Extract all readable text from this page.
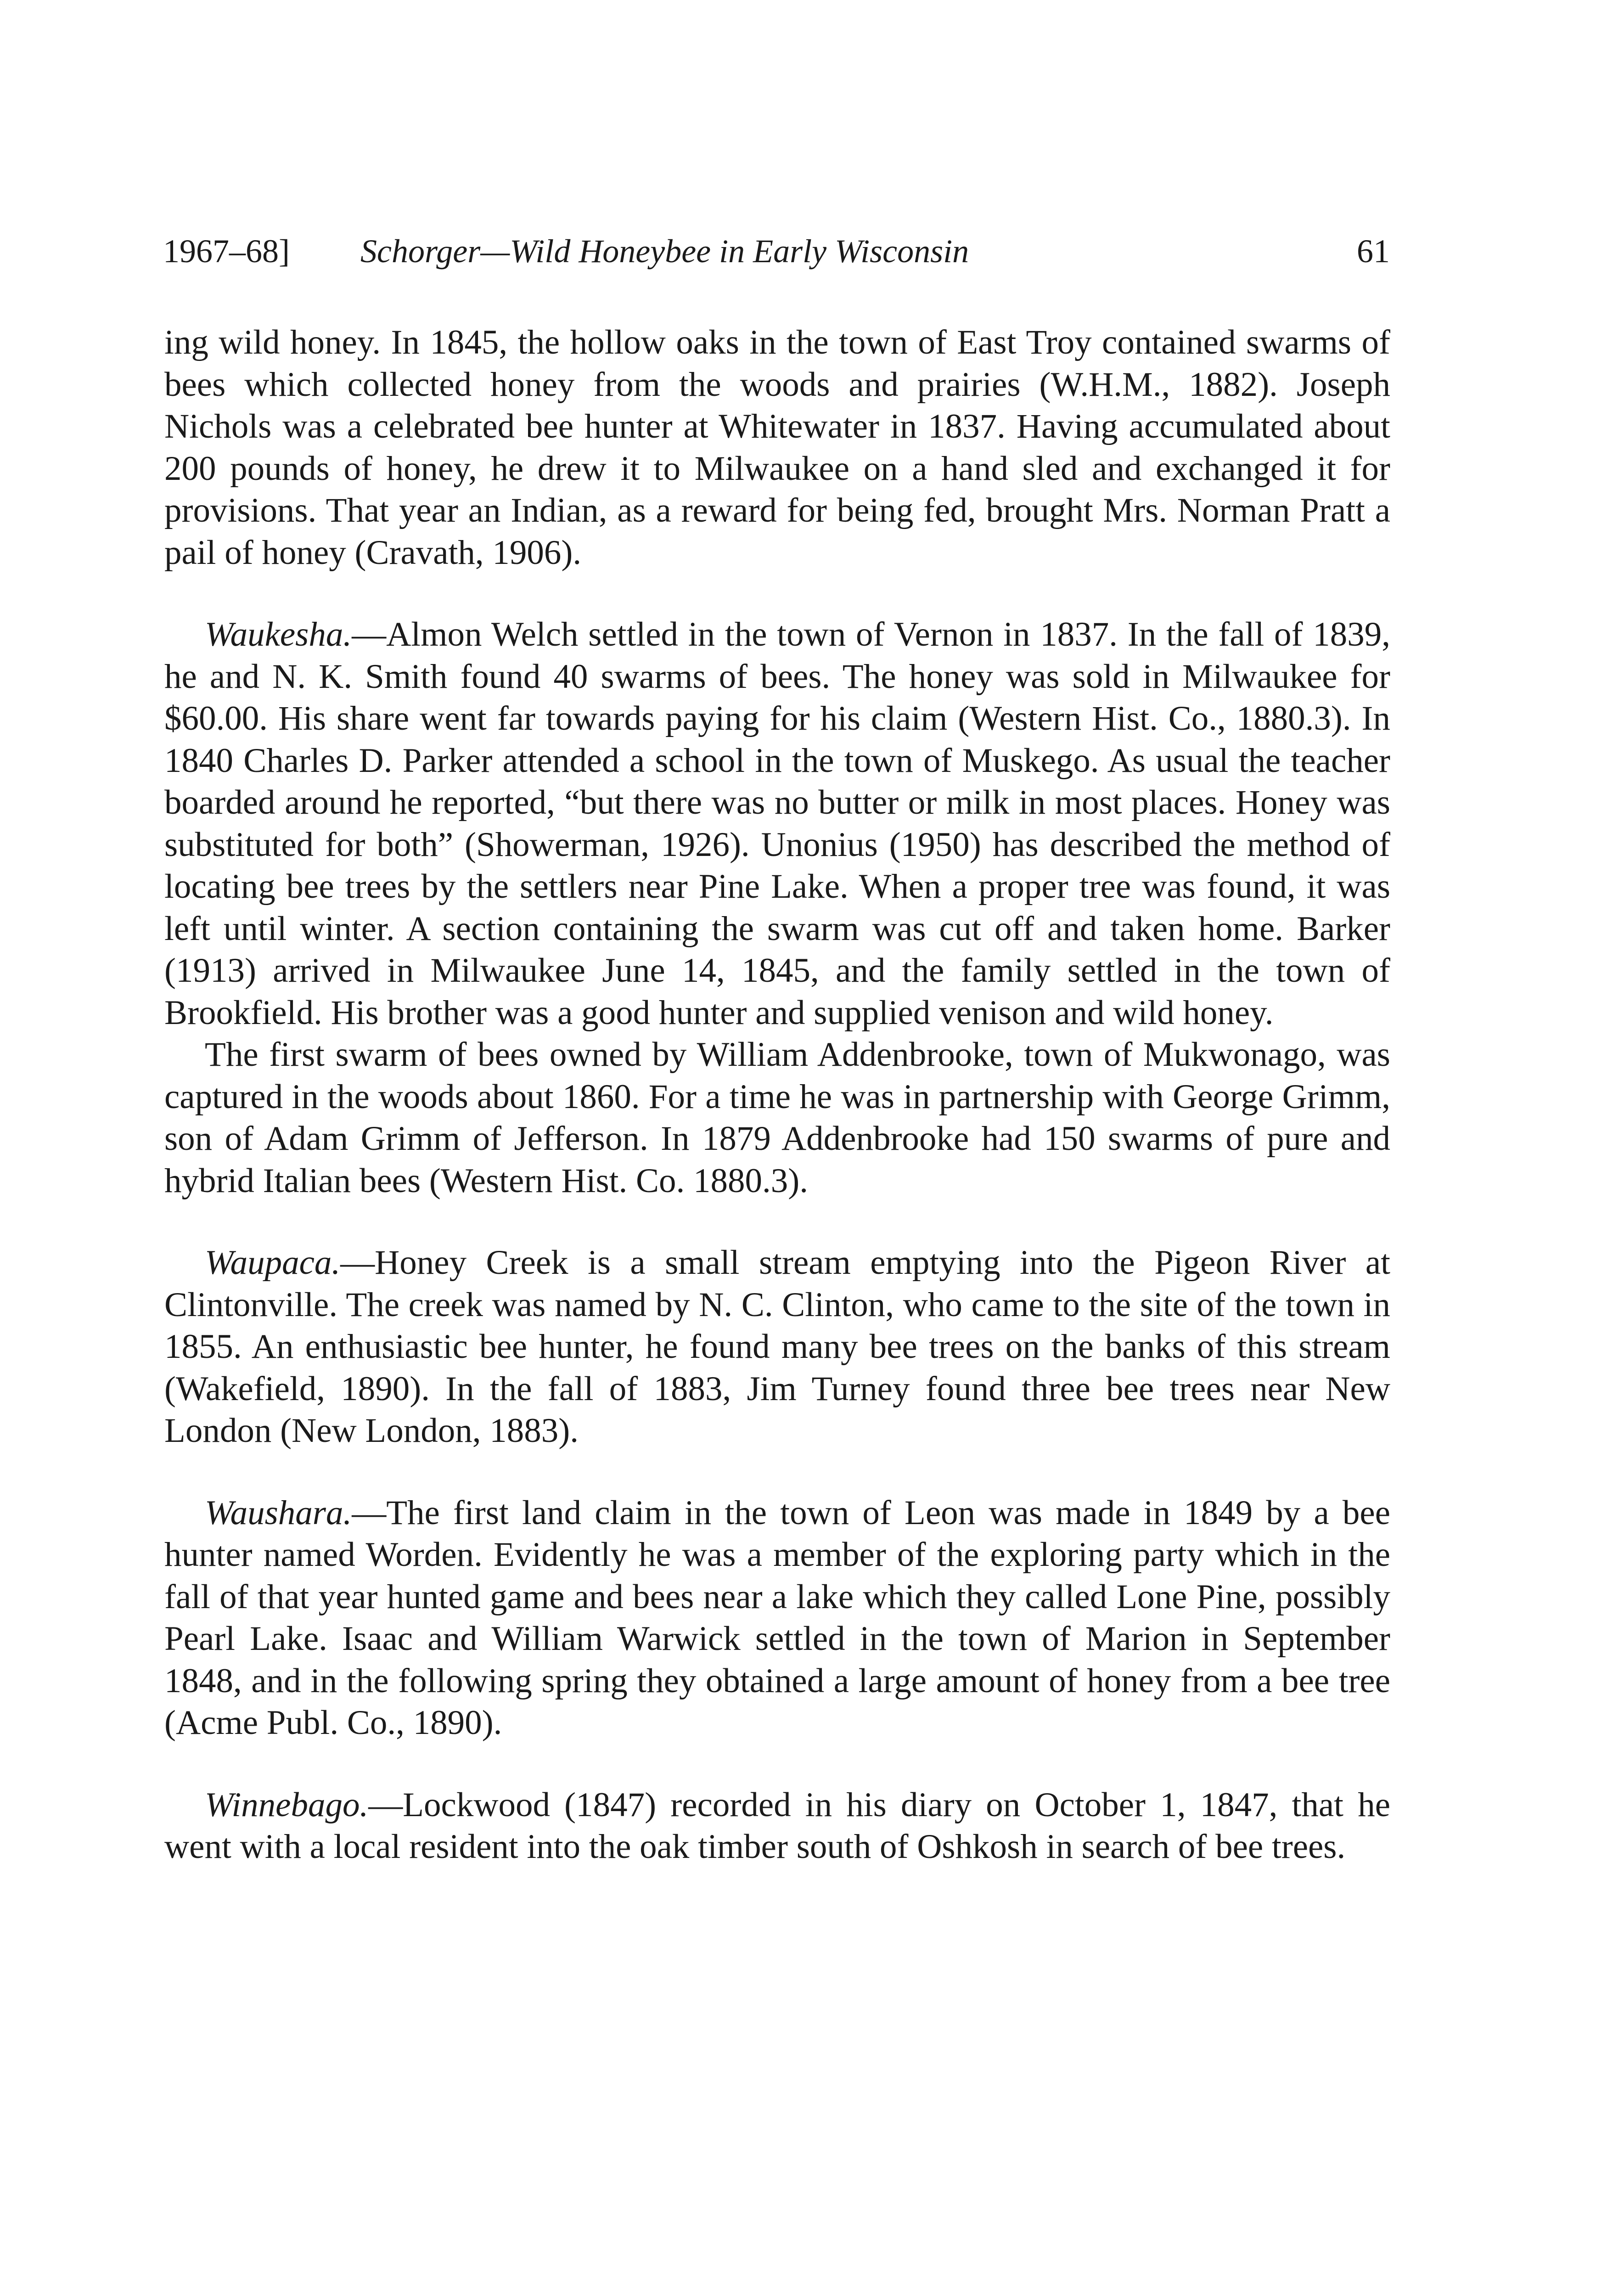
1967–68] Schorger—Wild Honeybee in Early Wisconsin	61

ing wild honey. In 1845, the hollow oaks in the town of East Troy contained swarms of bees which collected honey from the woods and prairies (W.H.M., 1882). Joseph Nichols was a celebrated bee hunter at Whitewater in 1837. Having accumulated about 200 pounds of honey, he drew it to Milwaukee on a hand sled and exchanged it for provisions. That year an Indian, as a reward for being fed, brought Mrs. Norman Pratt a pail of honey (Cravath, 1906).

Waukesha.—Almon Welch settled in the town of Vernon in 1837. In the fall of 1839, he and N. K. Smith found 40 swarms of bees. The honey was sold in Milwaukee for $60.00. His share went far towards paying for his claim (Western Hist. Co., 1880.3). In 1840 Charles D. Parker attended a school in the town of Muskego. As usual the teacher boarded around he reported, “but there was no butter or milk in most places. Honey was substituted for both” (Showerman, 1926). Unonius (1950) has described the method of locating bee trees by the settlers near Pine Lake. When a proper tree was found, it was left until winter. A section containing the swarm was cut off and taken home. Barker (1913) arrived in Milwaukee June 14, 1845, and the family settled in the town of Brookfield. His brother was a good hunter and supplied venison and wild honey.

The first swarm of bees owned by William Addenbrooke, town of Mukwonago, was captured in the woods about 1860. For a time he was in partnership with George Grimm, son of Adam Grimm of Jefferson. In 1879 Addenbrooke had 150 swarms of pure and hybrid Italian bees (Western Hist. Co. 1880.3).

Waupaca.—Honey Creek is a small stream emptying into the Pigeon River at Clintonville. The creek was named by N. C. Clinton, who came to the site of the town in 1855. An enthusiastic bee hunter, he found many bee trees on the banks of this stream (Wakefield, 1890). In the fall of 1883, Jim Turney found three bee trees near New London (New London, 1883).

Waushara.—The first land claim in the town of Leon was made in 1849 by a bee hunter named Worden. Evidently he was a member of the exploring party which in the fall of that year hunted game and bees near a lake which they called Lone Pine, possibly Pearl Lake. Isaac and William Warwick settled in the town of Marion in September 1848, and in the following spring they obtained a large amount of honey from a bee tree (Acme Publ. Co., 1890).

Winnebago.—Lockwood (1847) recorded in his diary on October 1, 1847, that he went with a local resident into the oak timber south of Oshkosh in search of bee trees.
